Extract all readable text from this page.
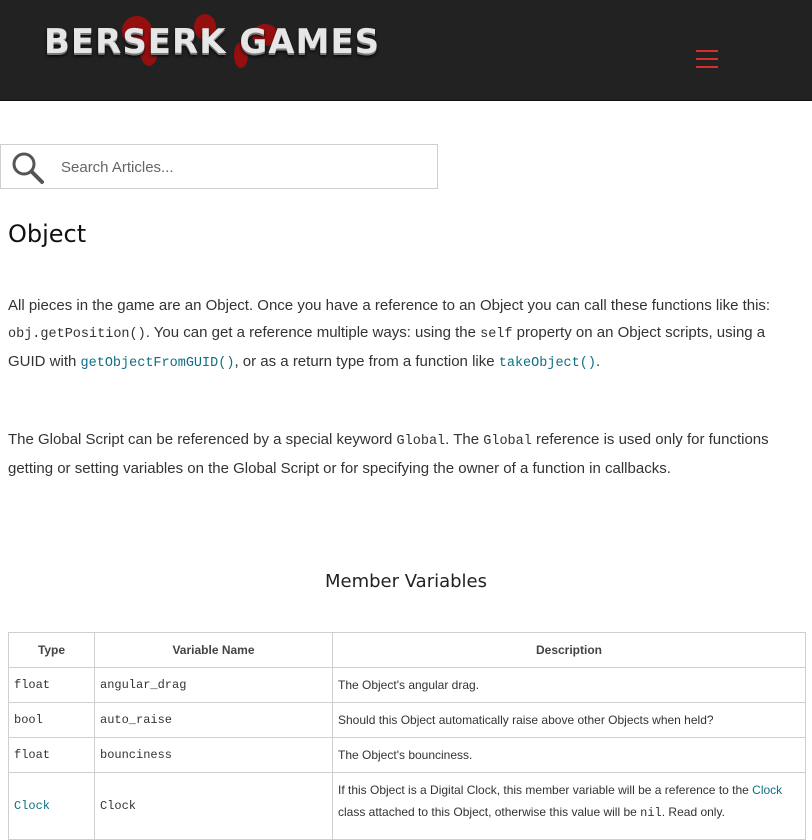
BERSERK GAMES
Search Articles...
Object

All pieces in the game are an Object. Once you have a reference to an Object you can call these functions like this: obj.getPosition(). You can get a reference multiple ways: using the self property on an Object scripts, using a GUID with getObjectFromGUID(), or as a return type from a function like takeObject().

The Global Script can be referenced by a special keyword Global. The Global reference is used only for functions getting or setting variables on the Global Script or for specifying the owner of a function in callbacks.

Member Variables
Type	Variable Name	Description
float	angular_drag	The Object's angular drag.
bool	auto_raise	Should this Object automatically raise above other Objects when held?
float	bounciness	The Object's bounciness.
Clock	Clock	If this Object is a Digital Clock, this member variable will be a reference to the Clock class attached to this Object, otherwise this value will be nil. Read only.
